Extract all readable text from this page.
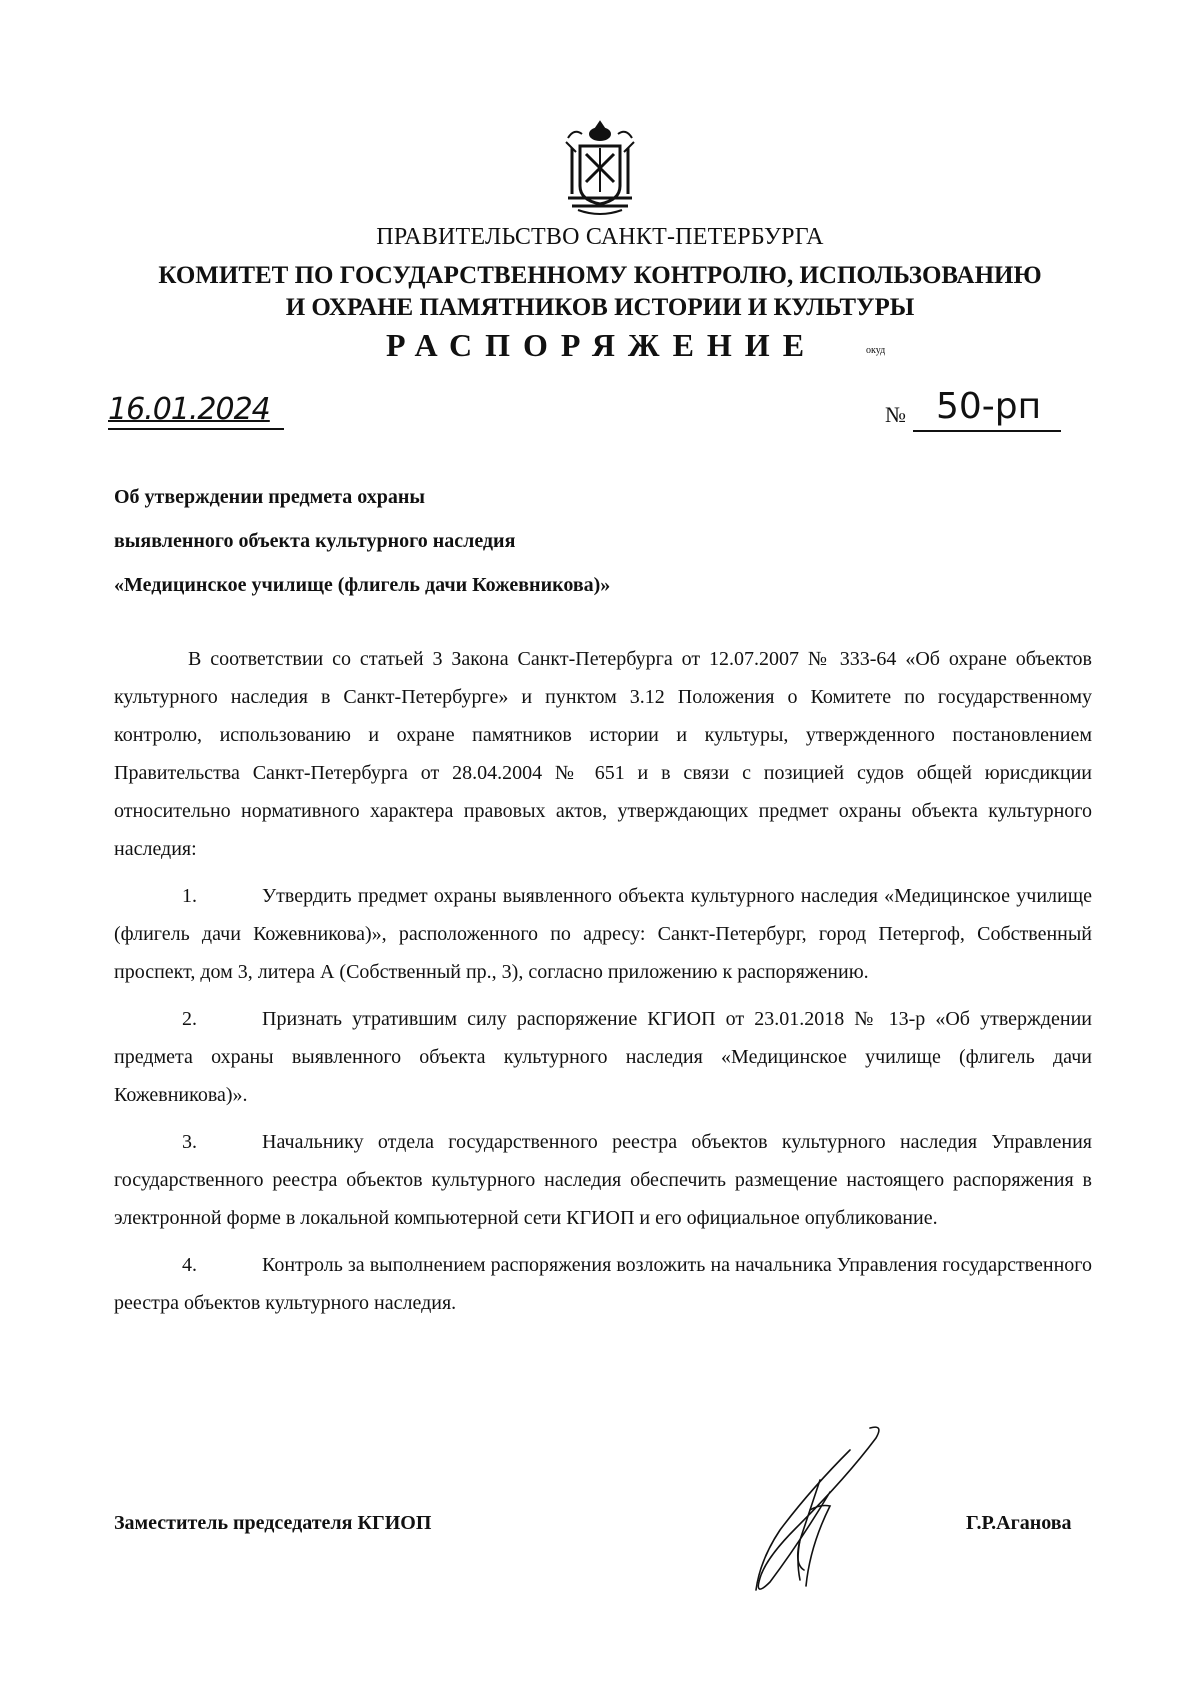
ПРАВИТЕЛЬСТВО САНКТ-ПЕТЕРБУРГА
КОМИТЕТ ПО ГОСУДАРСТВЕННОМУ КОНТРОЛЮ, ИСПОЛЬЗОВАНИЮ
И ОХРАНЕ ПАМЯТНИКОВ ИСТОРИИ И КУЛЬТУРЫ
РАСПОРЯЖЕНИЕ	окуд
16.01.2024	№ 50-рп
Об утверждении предмета охраны
выявленного объекта культурного наследия
«Медицинское училище (флигель дачи Кожевникова)»

В соответствии со статьей 3 Закона Санкт-Петербурга от 12.07.2007 № 333-64 «Об охране объектов культурного наследия в Санкт-Петербурге» и пунктом 3.12 Положения о Комитете по государственному контролю, использованию и охране памятников истории и культуры, утвержденного постановлением Правительства Санкт-Петербурга от 28.04.2004 № 651 и в связи с позицией судов общей юрисдикции относительно нормативного характера правовых актов, утверждающих предмет охраны объекта культурного наследия:

1.	Утвердить предмет охраны выявленного объекта культурного наследия «Медицинское училище (флигель дачи Кожевникова)», расположенного по адресу: Санкт-Петербург, город Петергоф, Собственный проспект, дом 3, литера А (Собственный пр., 3), согласно приложению к распоряжению.

2.	Признать утратившим силу распоряжение КГИОП от 23.01.2018 № 13-р «Об утверждении предмета охраны выявленного объекта культурного наследия «Медицинское училище (флигель дачи Кожевникова)».

3.	Начальнику отдела государственного реестра объектов культурного наследия Управления государственного реестра объектов культурного наследия обеспечить размещение настоящего распоряжения в электронной форме в локальной компьютерной сети КГИОП и его официальное опубликование.

4.	Контроль за выполнением распоряжения возложить на начальника Управления государственного реестра объектов культурного наследия.

Заместитель председателя КГИОП	Г.Р.Аганова
